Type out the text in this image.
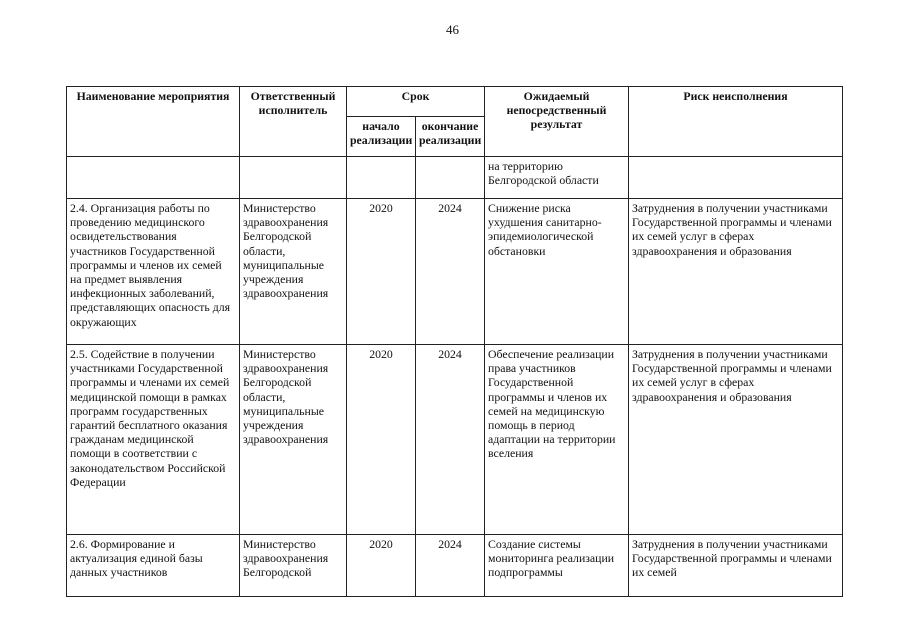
46
Наименование мероприятия	Ответственный исполнитель	Срок		Ожидаемый непосредственный результат	Риск неисполнения
		начало реализации	окончание реализации		
				на территорию Белгородской области	
2.4. Организация работы по проведению медицинского освидетельствования участников Государственной программы и членов их семей на предмет выявления инфекционных заболеваний, представляющих опасность для окружающих	Министерство здравоохранения Белгородской области, муниципальные учреждения здравоохранения	2020	2024	Снижение риска ухудшения санитарно-эпидемиологической обстановки	Затруднения в получении участниками Государственной программы и членами их семей услуг в сферах здравоохранения и образования
2.5. Содействие в получении участниками Государственной программы и членами их семей медицинской помощи в рамках программ государственных гарантий бесплатного оказания гражданам медицинской помощи в соответствии с законодательством Российской Федерации	Министерство здравоохранения Белгородской области, муниципальные учреждения здравоохранения	2020	2024	Обеспечение реализации права участников Государственной программы и членов их семей на медицинскую помощь в период адаптации на территории вселения	Затруднения в получении участниками Государственной программы и членами их семей услуг в сферах здравоохранения и образования
2.6. Формирование и актуализация единой базы данных участников	Министерство здравоохранения Белгородской	2020	2024	Создание системы мониторинга реализации подпрограммы	Затруднения в получении участниками Государственной программы и членами их семей
